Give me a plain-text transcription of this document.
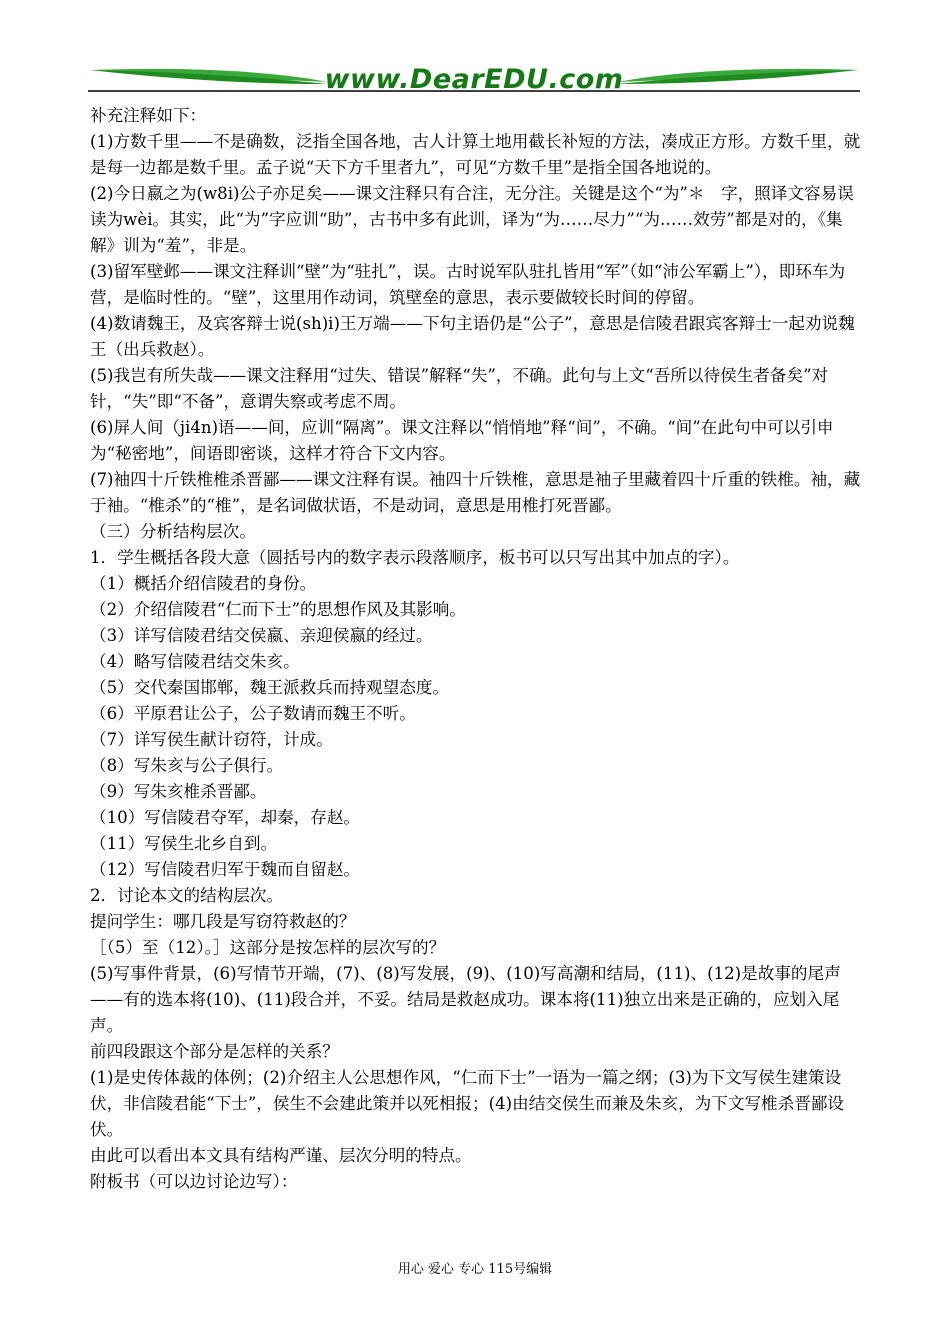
www.DearEDU.com

补充注释如下：

(1)方数千里——不是确数，泛指全国各地，古人计算土地用截长补短的方法，凑成正方形。方数千里，就是每一边都是数千里。孟子说“天下方千里者九”，可见“方数千里”是指全国各地说的。

(2)今日嬴之为(w8i)公子亦足矣——课文注释只有合注，无分注。关键是这个“为”＊　字，照译文容易误读为wèi。其实，此“为”字应训“助”，古书中多有此训，译为“为……尽力”“为……效劳”都是对的，《集解》训为“羞”，非是。

(3)留军壁邺——课文注释训“壁”为“驻扎”，误。古时说军队驻扎皆用“军”（如“沛公军霸上”），即环车为营，是临时性的。“壁”，这里用作动词，筑壁垒的意思，表示要做较长时间的停留。

(4)数请魏王，及宾客辩士说(sh)i)王万端——下句主语仍是“公子”，意思是信陵君跟宾客辩士一起劝说魏王（出兵救赵）。

(5)我岂有所失哉——课文注释用“过失、错误”解释“失”，不确。此句与上文“吾所以待侯生者备矣”对针，“失”即“不备”，意谓失察或考虑不周。

(6)屏人间（ji4n)语——间，应训“隔离”。课文注释以“悄悄地”释“间”，不确。“间”在此句中可以引申为“秘密地”，间语即密谈，这样才符合下文内容。

(7)袖四十斤铁椎椎杀晋鄙——课文注释有误。袖四十斤铁椎，意思是袖子里藏着四十斤重的铁椎。袖，藏于袖。“椎杀”的“椎”，是名词做状语，不是动词，意思是用椎打死晋鄙。

（三）分析结构层次。

1．学生概括各段大意（圆括号内的数字表示段落顺序，板书可以只写出其中加点的字）。

（1）概括介绍信陵君的身份。

（2）介绍信陵君“仁而下士”的思想作风及其影响。

（3）详写信陵君结交侯嬴、亲迎侯嬴的经过。

（4）略写信陵君结交朱亥。

（5）交代秦国邯郸，魏王派救兵而持观望态度。

（6）平原君让公子，公子数请而魏王不听。

（7）详写侯生献计窃符，计成。

（8）写朱亥与公子俱行。

（9）写朱亥椎杀晋鄙。

（10）写信陵君夺军，却秦，存赵。

（11）写侯生北乡自到。

（12）写信陵君归军于魏而自留赵。

2．讨论本文的结构层次。

提问学生：哪几段是写窃符救赵的？

［（5）至（12）。］这部分是按怎样的层次写的？

(5)写事件背景，(6)写情节开端，(7)、(8)写发展，(9)、(10)写高潮和结局，(11)、(12)是故事的尾声——有的选本将(10)、(11)段合并，不妥。结局是救赵成功。课本将(11)独立出来是正确的，应划入尾声。

前四段跟这个部分是怎样的关系？

(1)是史传体裁的体例；(2)介绍主人公思想作风，“仁而下士”一语为一篇之纲；(3)为下文写侯生建策设伏，非信陵君能“下士”，侯生不会建此策并以死相报；(4)由结交侯生而兼及朱亥，为下文写椎杀晋鄙设伏。

由此可以看出本文具有结构严谨、层次分明的特点。

附板书（可以边讨论边写）：

用心 爱心 专心 115号编辑
